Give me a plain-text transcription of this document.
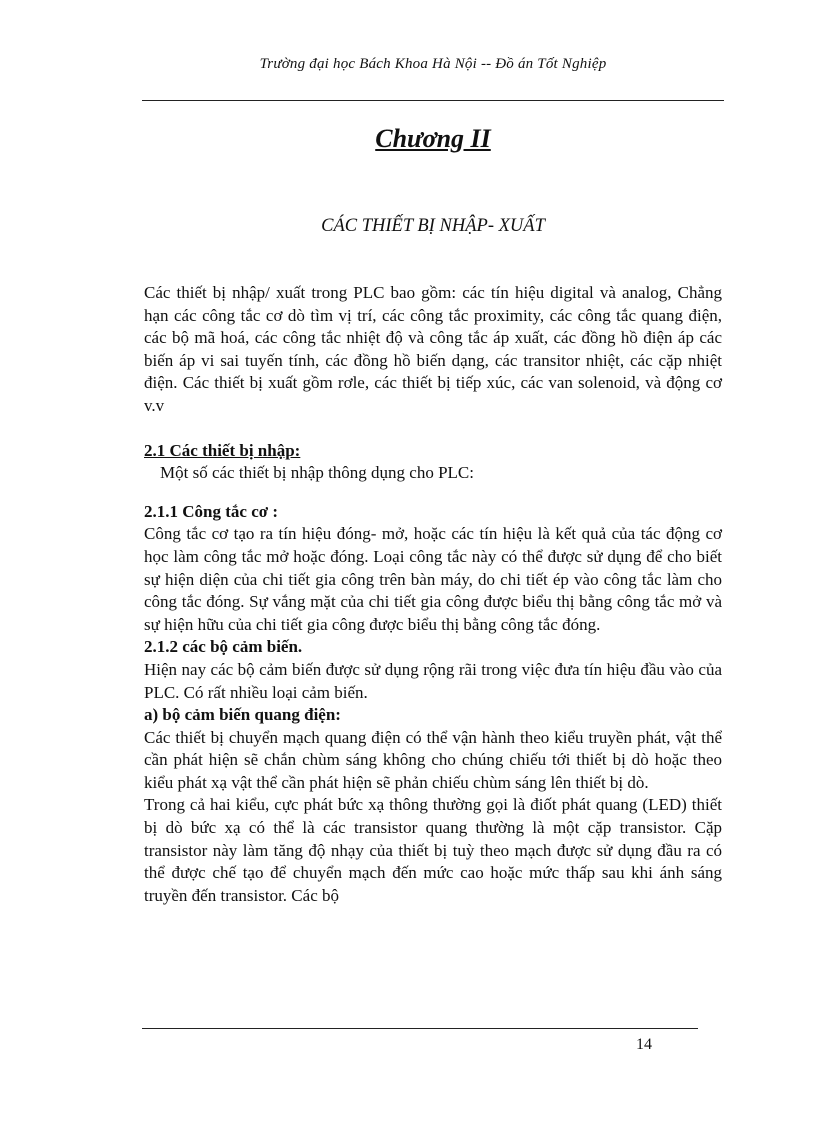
Trường đại học Bách Khoa Hà Nội -- Đồ án Tốt Nghiệp
Chương II
CÁC THIẾT BỊ NHẬP- XUẤT

Các thiết bị nhập/ xuất trong PLC bao gồm: các tín hiệu digital và analog, Chẳng hạn các công tắc cơ dò tìm vị trí, các công tắc proximity, các công tắc quang điện, các bộ mã hoá, các công tắc nhiệt độ và công tắc áp xuất, các đồng hồ điện áp các biến áp vi sai tuyến tính, các đồng hồ biến dạng, các transitor nhiệt, các cặp nhiệt điện. Các thiết bị xuất gồm rơle, các thiết bị tiếp xúc, các van solenoid, và động cơ v.v

2.1 Các thiết bị nhập:

Một số các thiết bị nhập thông dụng cho PLC:

2.1.1 Công tắc cơ :

Công tắc cơ tạo ra tín hiệu đóng- mở, hoặc các tín hiệu là kết quả của tác động cơ học làm công tắc mở hoặc đóng. Loại công tắc này có thể được sử dụng để cho biết sự hiện diện của chi tiết gia công trên bàn máy, do chi tiết ép vào công tắc làm cho công tắc đóng. Sự vắng mặt của chi tiết gia công được biểu thị bằng công tắc mở và sự hiện hữu của chi tiết gia công được biểu thị bằng công tắc đóng.

2.1.2 các bộ cảm biến.

Hiện nay các bộ cảm biến được sử dụng rộng rãi trong việc đưa tín hiệu đầu vào của PLC. Có rất nhiều loại cảm biến.

a) bộ cảm biến quang điện:

Các thiết bị chuyển mạch quang điện có thể vận hành theo kiểu truyền phát, vật thể cần phát hiện sẽ chắn chùm sáng không cho chúng chiếu tới thiết bị dò hoặc theo kiểu phát xạ vật thể cần phát hiện sẽ phản chiếu chùm sáng lên thiết bị dò.

Trong cả hai kiểu, cực phát bức xạ thông thường gọi là điốt phát quang (LED) thiết bị dò bức xạ có thể là các transistor quang thường là một cặp transistor. Cặp transistor này làm tăng độ nhạy của thiết bị tuỳ theo mạch được sử dụng đầu ra có thể được chế tạo để chuyển mạch đến mức cao hoặc mức thấp sau khi ánh sáng truyền đến transistor. Các bộ

14
